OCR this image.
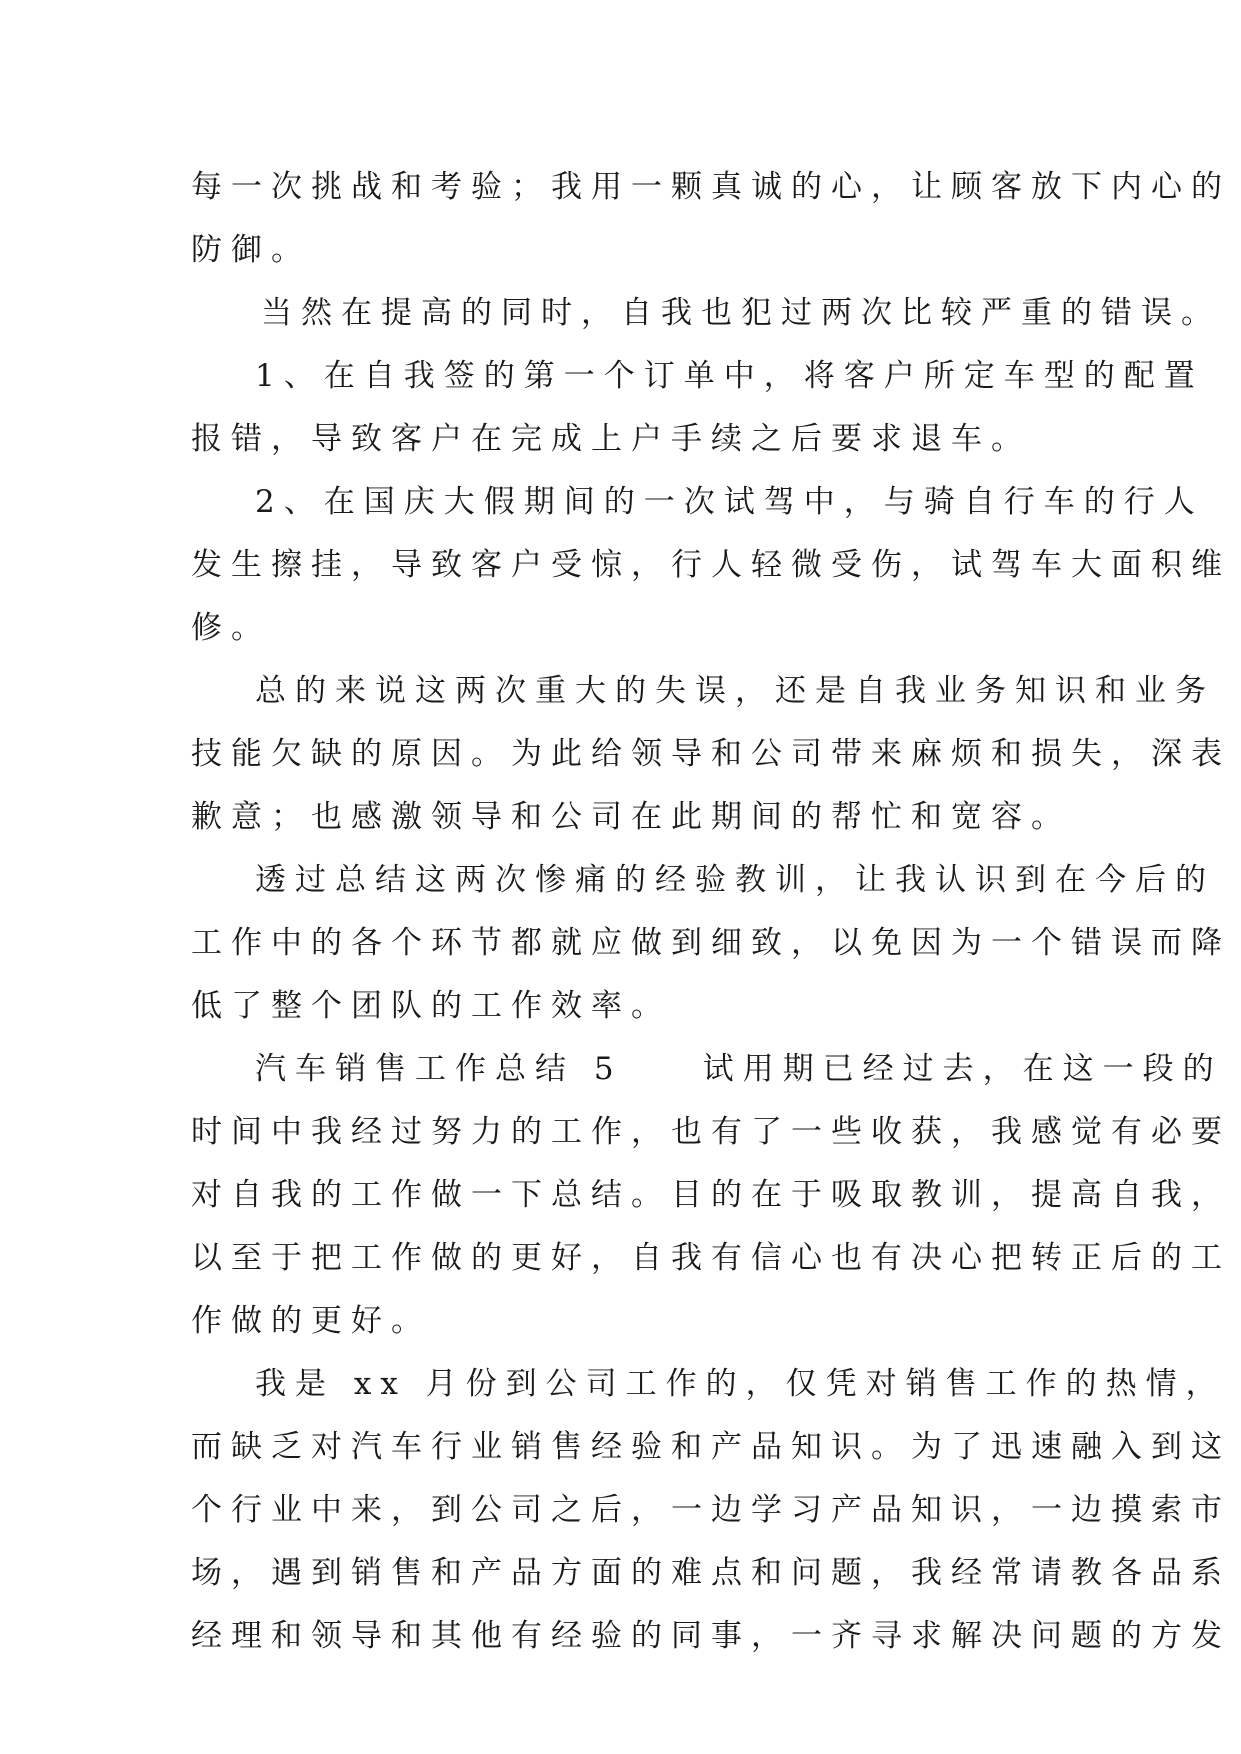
每一次挑战和考验；我用一颗真诚的心，让顾客放下内心的
防御。
当然在提高的同时，自我也犯过两次比较严重的错误。
1、在自我签的第一个订单中，将客户所定车型的配置
报错，导致客户在完成上户手续之后要求退车。
2、在国庆大假期间的一次试驾中，与骑自行车的行人
发生擦挂，导致客户受惊，行人轻微受伤，试驾车大面积维
修。
总的来说这两次重大的失误，还是自我业务知识和业务
技能欠缺的原因。为此给领导和公司带来麻烦和损失，深表
歉意；也感激领导和公司在此期间的帮忙和宽容。
透过总结这两次惨痛的经验教训，让我认识到在今后的
工作中的各个环节都就应做到细致，以免因为一个错误而降
低了整个团队的工作效率。
汽车销售工作总结 5　　试用期已经过去，在这一段的
时间中我经过努力的工作，也有了一些收获，我感觉有必要
对自我的工作做一下总结。目的在于吸取教训，提高自我，
以至于把工作做的更好，自我有信心也有决心把转正后的工
作做的更好。
我是 xx 月份到公司工作的，仅凭对销售工作的热情，
而缺乏对汽车行业销售经验和产品知识。为了迅速融入到这
个行业中来，到公司之后，一边学习产品知识，一边摸索市
场，遇到销售和产品方面的难点和问题，我经常请教各品系
经理和领导和其他有经验的同事，一齐寻求解决问题的方发
